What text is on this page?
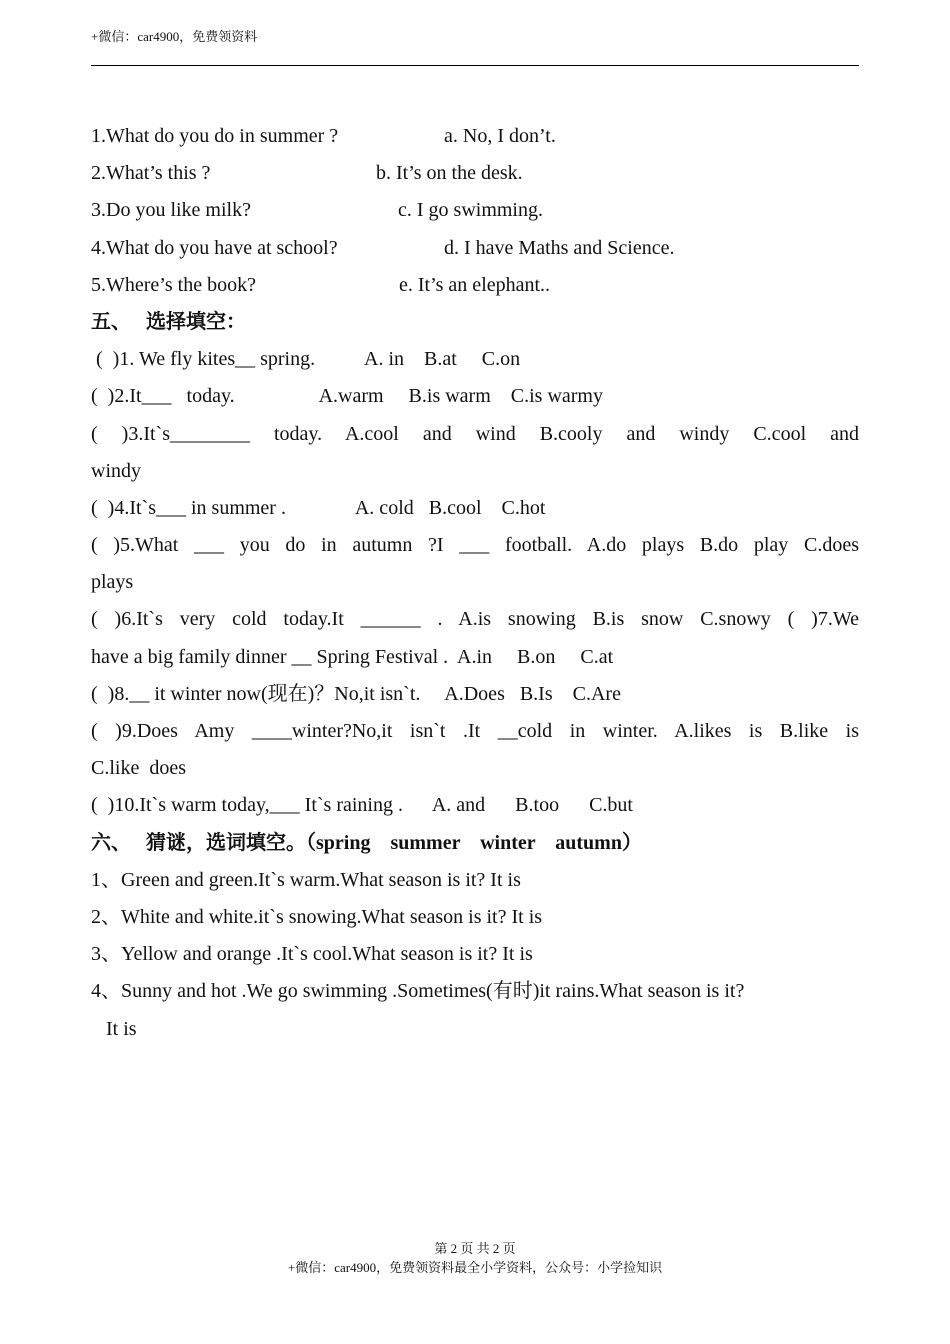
+微信：car4900，免费领资料
1.What do you do in summer ?	a. No, I don’t.
2.What’s this ?	b. It’s on the desk.
3.Do you like milk?	c. I go swimming.
4.What do you have at school?	d. I have Maths and Science.
5.Where’s the book?	e. It’s an elephant..
五、   选择填空：
(  )1. We fly kites__ spring.          A. in    B.at     C.on
(  )2.It___   today.                 A.warm     B.is warm    C.is warmy
( )3.It`s________ today. A.cool and wind B.cooly and windy C.cool and
windy
(  )4.It`s___ in summer .              A. cold   B.cool    C.hot
( )5.What ___ you do in autumn ?I ___ football. A.do plays B.do play C.does
plays
( )6.It`s very cold today.It ______ . A.is snowing B.is snow C.snowy ( )7.We
have a big family dinner __ Spring Festival .  A.in     B.on     C.at
(  )8.__ it winter now(现在)？No,it isn`t.     A.Does   B.Is    C.Are
( )9.Does Amy ____winter?No,it isn`t .It __cold in winter. A.likes is B.like is
C.like  does
(  )10.It`s warm today,___ It`s raining .      A. and      B.too      C.but
六、   猜谜，选词填空。（spring    summer    winter    autumn）
1、Green and green.It`s warm.What season is it? It is
2、White and white.it`s snowing.What season is it? It is
3、Yellow and orange .It`s cool.What season is it? It is
4、Sunny and hot .We go swimming .Sometimes(有时)it rains.What season is it?
It is
第 2 页 共 2 页
+微信：car4900，免费领资料最全小学资料，公众号：小学捡知识
